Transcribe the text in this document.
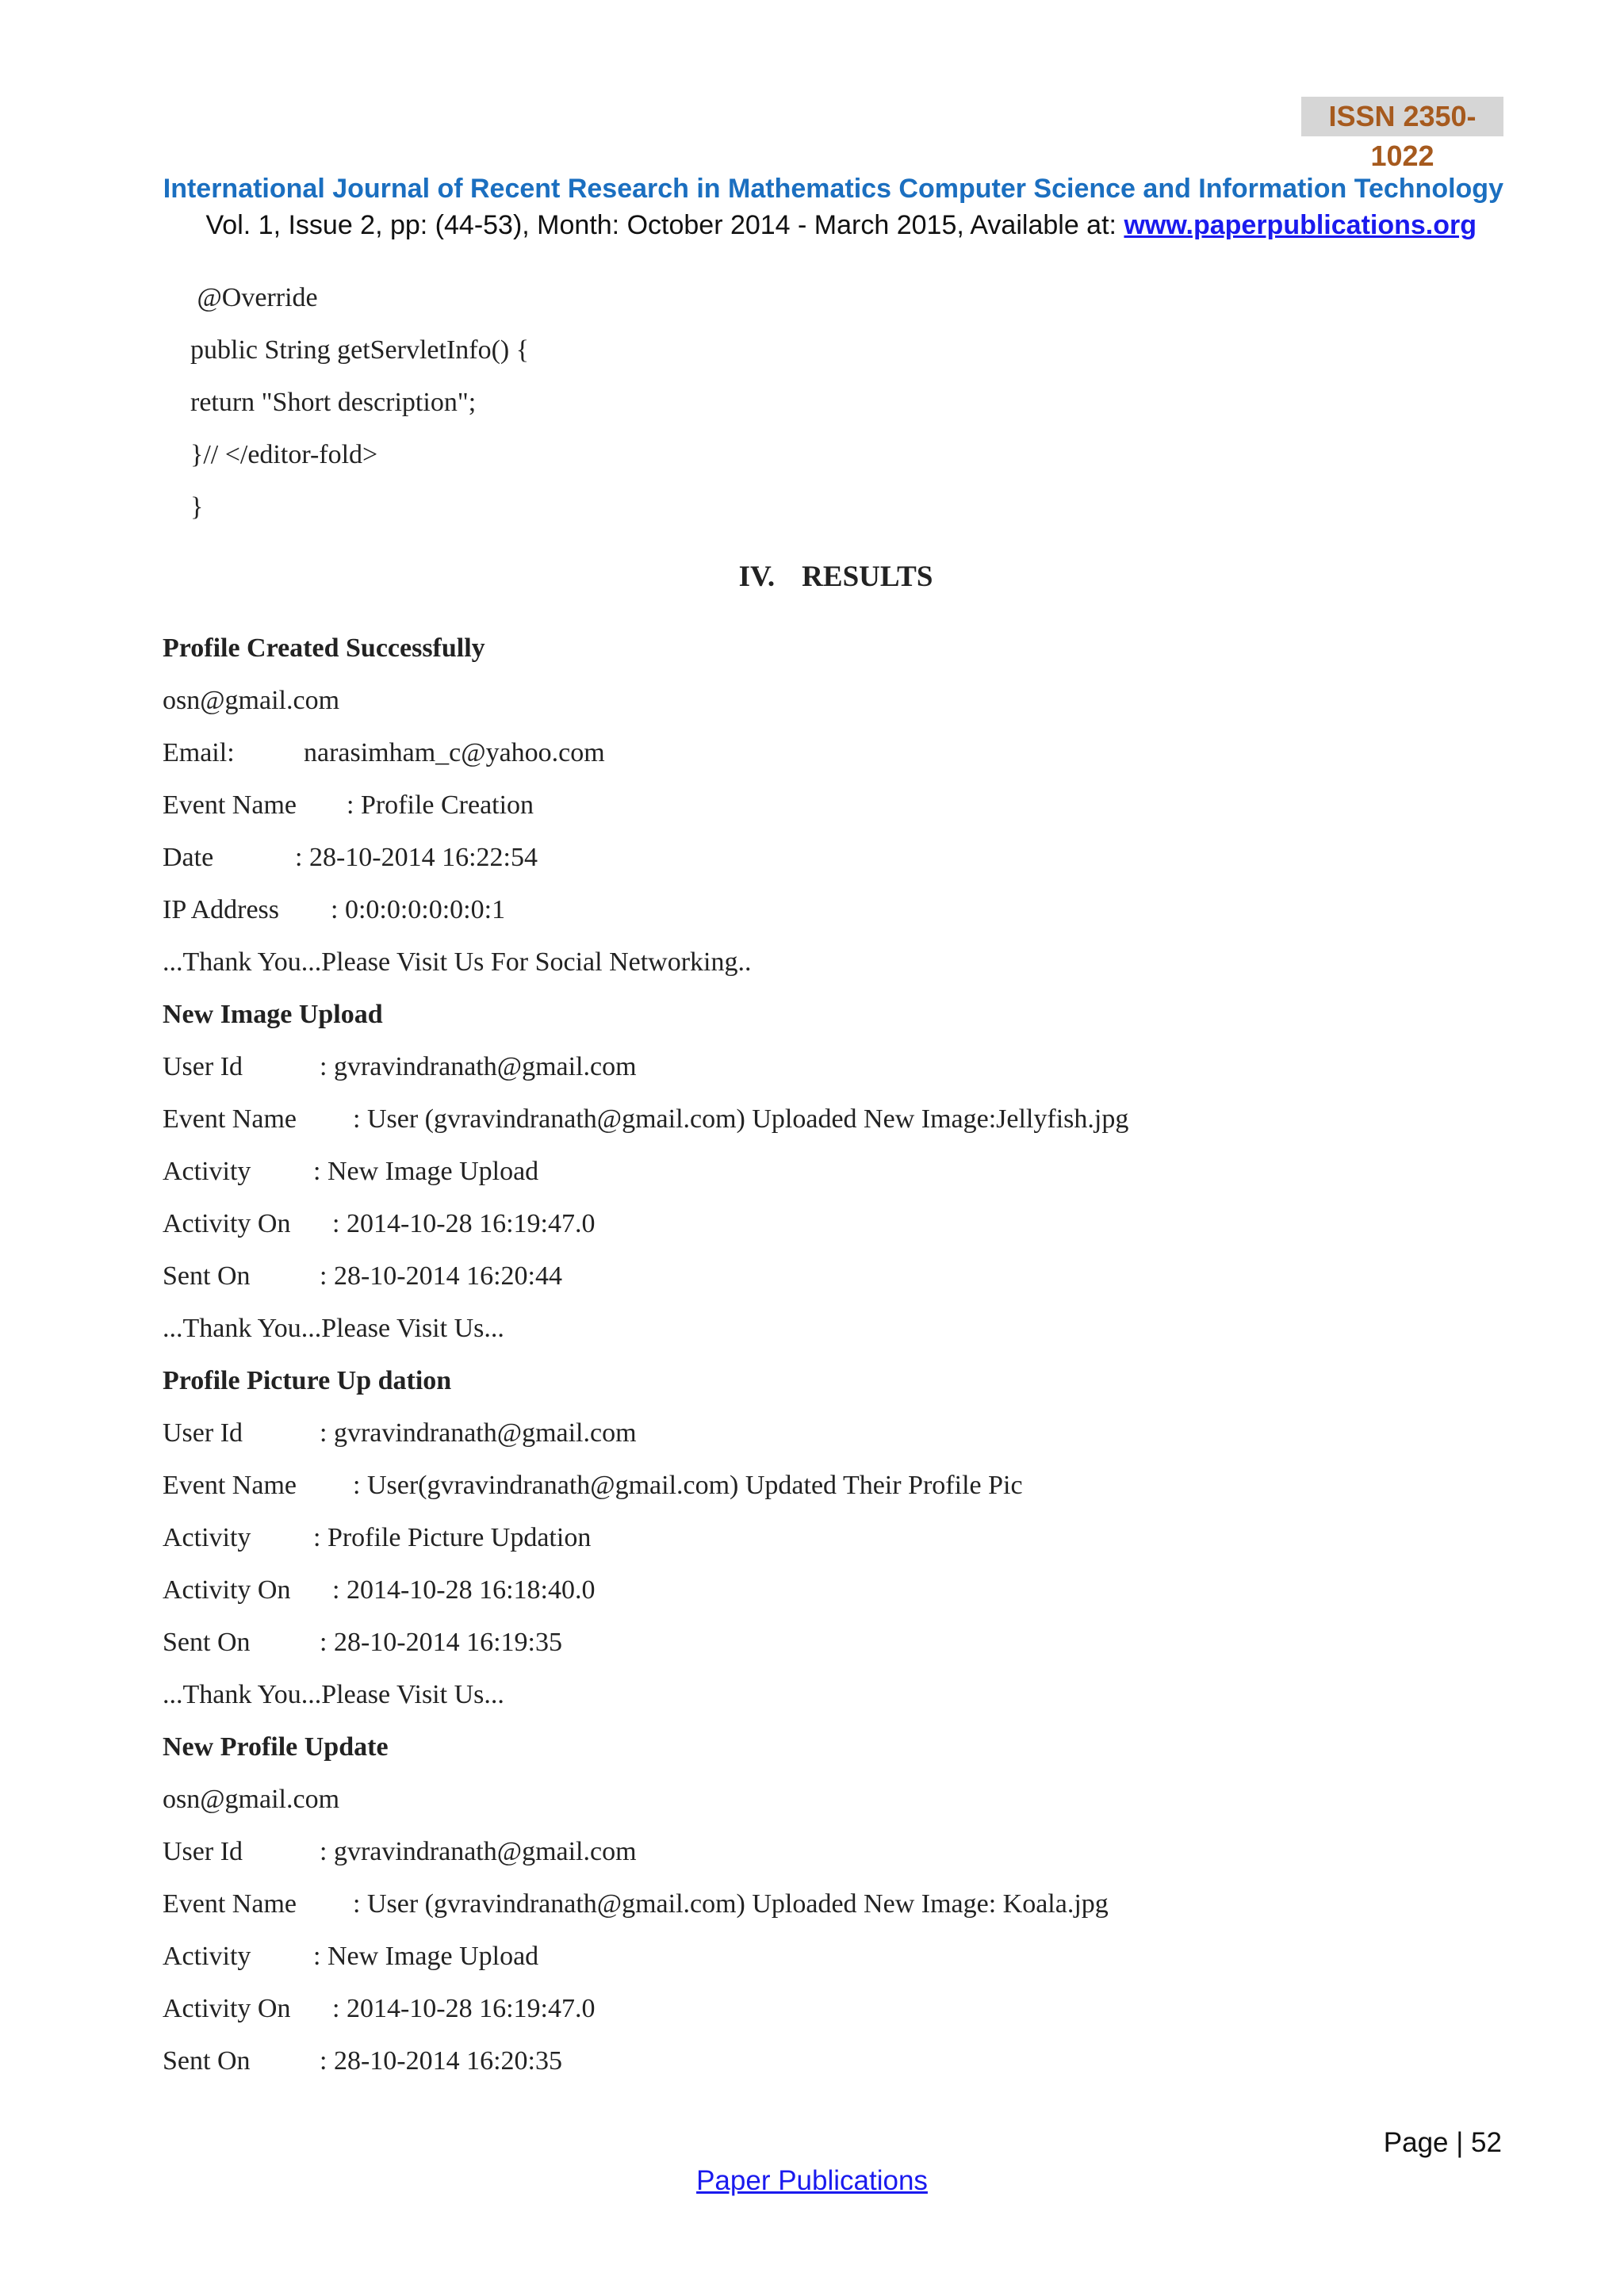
ISSN 2350-1022
International Journal of Recent Research in Mathematics Computer Science and Information Technology
Vol. 1, Issue 2, pp: (44-53), Month: October 2014 - March 2015, Available at: www.paperpublications.org
@Override
public String getServletInfo() {
return "Short description";
}// </editor-fold>
}
IV. RESULTS
Profile Created Successfully
osn@gmail.com
Email:	narasimham_c@yahoo.com
Event Name : Profile Creation
Date	: 28-10-2014 16:22:54
IP Address : 0:0:0:0:0:0:0:1
...Thank You...Please Visit Us For Social Networking..
New Image Upload
User Id	: gvravindranath@gmail.com
Event Name : User (gvravindranath@gmail.com) Uploaded New Image:Jellyfish.jpg
Activity : New Image Upload
Activity On : 2014-10-28 16:19:47.0
Sent On	: 28-10-2014 16:20:44
...Thank You...Please Visit Us...
Profile Picture Up dation
User Id	: gvravindranath@gmail.com
Event Name : User(gvravindranath@gmail.com) Updated Their Profile Pic
Activity : Profile Picture Updation
Activity On : 2014-10-28 16:18:40.0
Sent On	: 28-10-2014 16:19:35
...Thank You...Please Visit Us...
New Profile Update
osn@gmail.com
User Id	: gvravindranath@gmail.com
Event Name : User (gvravindranath@gmail.com) Uploaded New Image: Koala.jpg
Activity : New Image Upload
Activity On : 2014-10-28 16:19:47.0
Sent On	: 28-10-2014 16:20:35
Page | 52
Paper Publications
